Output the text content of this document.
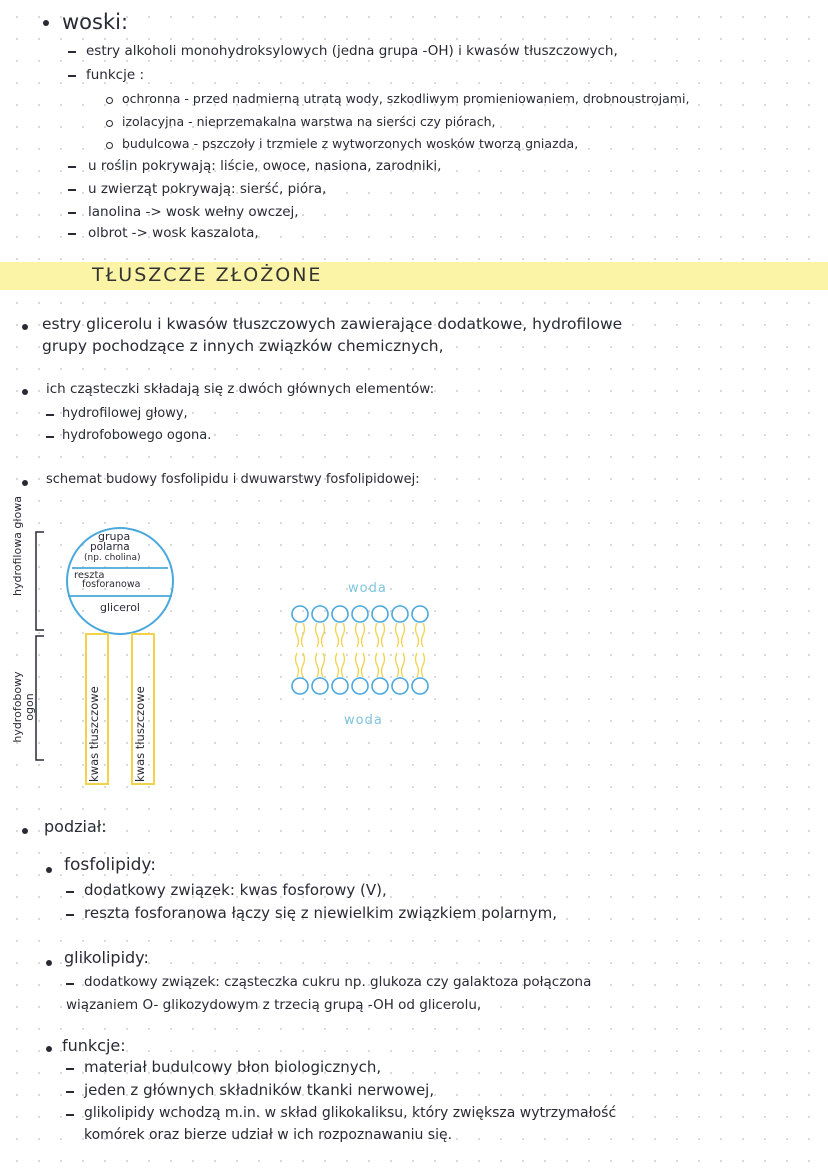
woski:
estry alkoholi monohydroksylowych (jedna grupa -OH) i kwasów tłuszczowych,
funkcje :
ochronna - przed nadmierną utratą wody, szkodliwym promieniowaniem, drobnoustrojami,
izolacyjna - nieprzemakalna warstwa na sierści czy piórach,
budulcowa - pszczoły i trzmiele z wytworzonych wosków tworzą gniazda,
u roślin pokrywają: liście, owoce, nasiona, zarodniki,
u zwierząt pokrywają: sierść, pióra,
lanolina -> wosk wełny owczej,
olbrot -> wosk kaszalota,
TŁUSZCZE ZŁOŻONE
estry glicerolu i kwasów tłuszczowych zawierające dodatkowe, hydrofilowe
grupy pochodzące z innych związków chemicznych,
ich cząsteczki składają się z dwóch głównych elementów:
hydrofilowej głowy,
hydrofobowego ogona.
schemat budowy fosfolipidu i dwuwarstwy fosfolipidowej:
hydrofilowa głowa
hydrofobowy ogon
grupa
polarna
(np. cholina)
reszta
fosforanowa
glicerol
kwas tłuszczowe	kwas tłuszczowe
woda
woda
podział:
fosfolipidy:
dodatkowy związek: kwas fosforowy (V),
reszta fosforanowa łączy się z niewielkim związkiem polarnym,
glikolipidy:
dodatkowy związek: cząsteczka cukru np. glukoza czy galaktoza połączona
wiązaniem O- glikozydowym z trzecią grupą -OH od glicerolu,
funkcje:
materiał budulcowy błon biologicznych,
jeden z głównych składników tkanki nerwowej,
glikolipidy wchodzą m.in. w skład glikokaliksu, który zwiększa wytrzymałość
komórek oraz bierze udział w ich rozpoznawaniu się.
